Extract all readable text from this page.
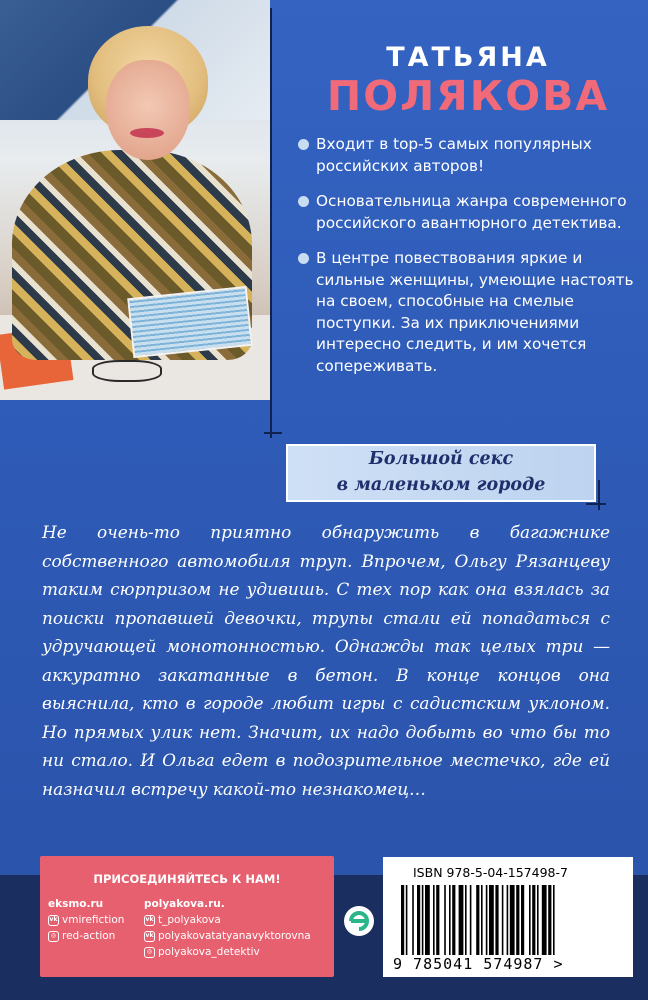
ТАТЬЯНА
ПОЛЯКОВА
Входит в top-5 самых популярных российских авторов!
Основательница жанра современного российского авантюрного детектива.
В центре повествования яркие и сильные женщины, умеющие настоять на своем, способные на смелые поступки. За их приключениями интересно следить, и им хочется сопереживать.
Большой секс
в маленьком городе
Не очень-то приятно обнаружить в багажнике собственного автомобиля труп. Впрочем, Ольгу Рязанцеву таким сюрпризом не удивишь. С тех пор как она взялась за поиски пропавшей девочки, трупы стали ей попадаться с удручающей монотонностью. Однажды так целых три — аккуратно закатанные в бетон. В конце концов она выяснила, кто в городе любит игры с садистским уклоном. Но прямых улик нет. Значит, их надо добыть во что бы то ни стало. И Ольга едет в подозрительное местечко, где ей назначил встречу какой-то незнакомец…
ПРИСОЕДИНЯЙТЕСЬ К НАМ!
eksmo.ru
vk vmirefiction
◎ red-action
polyakova.ru.
vk t_polyakova
vk polyakovatatyanavyktorovna
◎ polyakova_detektiv
ISBN 978-5-04-157498-7
9 785041 574987 >
